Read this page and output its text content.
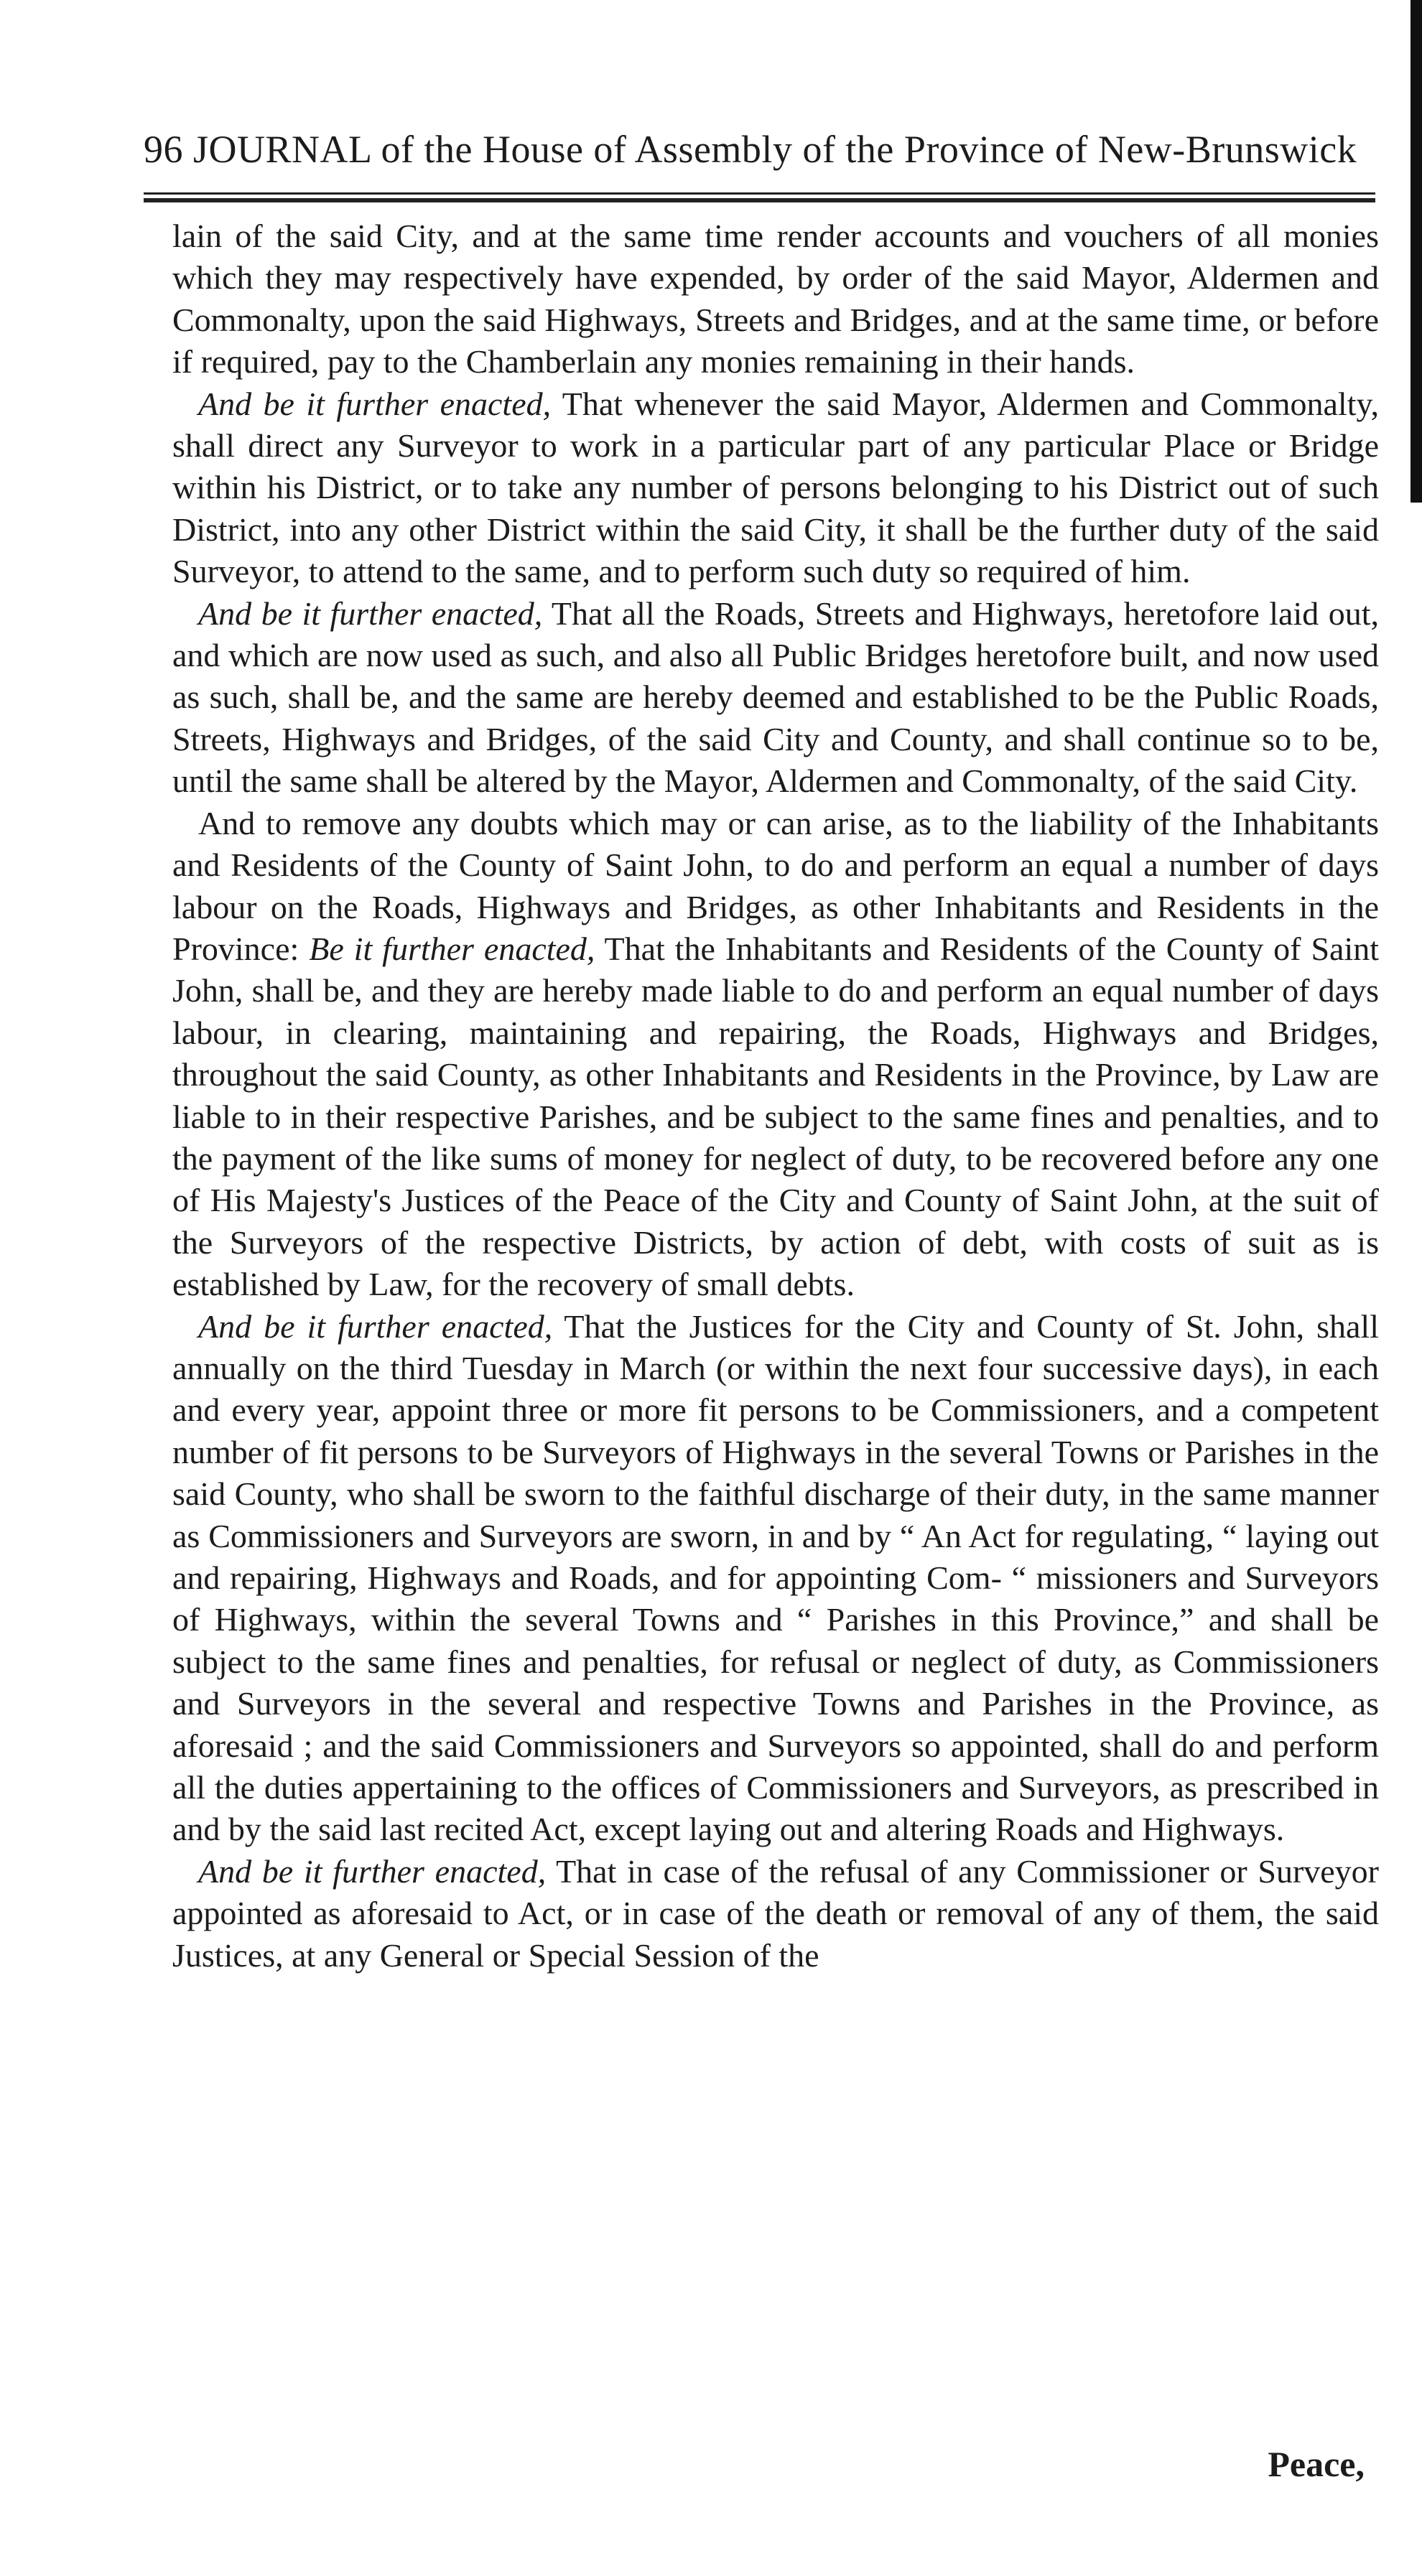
96 JOURNAL of the House of Assembly of the Province of New-Brunswick

lain of the said City, and at the same time render accounts and vouchers of all monies which they may respectively have expended, by order of the said Mayor, Aldermen and Commonalty, upon the said Highways, Streets and Bridges, and at the same time, or before if required, pay to the Chamberlain any monies remaining in their hands.

And be it further enacted, That whenever the said Mayor, Aldermen and Commonalty, shall direct any Surveyor to work in a particular part of any particular Place or Bridge within his District, or to take any number of persons belonging to his District out of such District, into any other District within the said City, it shall be the further duty of the said Surveyor, to attend to the same, and to perform such duty so required of him.

And be it further enacted, That all the Roads, Streets and Highways, heretofore laid out, and which are now used as such, and also all Public Bridges heretofore built, and now used as such, shall be, and the same are hereby deemed and established to be the Public Roads, Streets, Highways and Bridges, of the said City and County, and shall continue so to be, until the same shall be altered by the Mayor, Aldermen and Commonalty, of the said City.

And to remove any doubts which may or can arise, as to the liability of the Inhabitants and Residents of the County of Saint John, to do and perform an equal a number of days labour on the Roads, Highways and Bridges, as other Inhabitants and Residents in the Province: Be it further enacted, That the Inhabitants and Residents of the County of Saint John, shall be, and they are hereby made liable to do and perform an equal number of days labour, in clearing, maintaining and repairing, the Roads, Highways and Bridges, throughout the said County, as other Inhabitants and Residents in the Province, by Law are liable to in their respective Parishes, and be subject to the same fines and penalties, and to the payment of the like sums of money for neglect of duty, to be recovered before any one of His Majesty's Justices of the Peace of the City and County of Saint John, at the suit of the Surveyors of the respective Districts, by action of debt, with costs of suit as is established by Law, for the recovery of small debts.

And be it further enacted, That the Justices for the City and County of St. John, shall annually on the third Tuesday in March (or within the next four successive days), in each and every year, appoint three or more fit persons to be Commissioners, and a competent number of fit persons to be Surveyors of Highways in the several Towns or Parishes in the said County, who shall be sworn to the faithful discharge of their duty, in the same manner as Commissioners and Surveyors are sworn, in and by “ An Act for regulating, “ laying out and repairing, Highways and Roads, and for appointing Com- “ missioners and Surveyors of Highways, within the several Towns and “ Parishes in this Province,” and shall be subject to the same fines and penalties, for refusal or neglect of duty, as Commissioners and Surveyors in the several and respective Towns and Parishes in the Province, as aforesaid ; and the said Commissioners and Surveyors so appointed, shall do and perform all the duties appertaining to the offices of Commissioners and Surveyors, as prescribed in and by the said last recited Act, except laying out and altering Roads and Highways.

And be it further enacted, That in case of the refusal of any Commissioner or Surveyor appointed as aforesaid to Act, or in case of the death or removal of any of them, the said Justices, at any General or Special Session of the

Peace,
